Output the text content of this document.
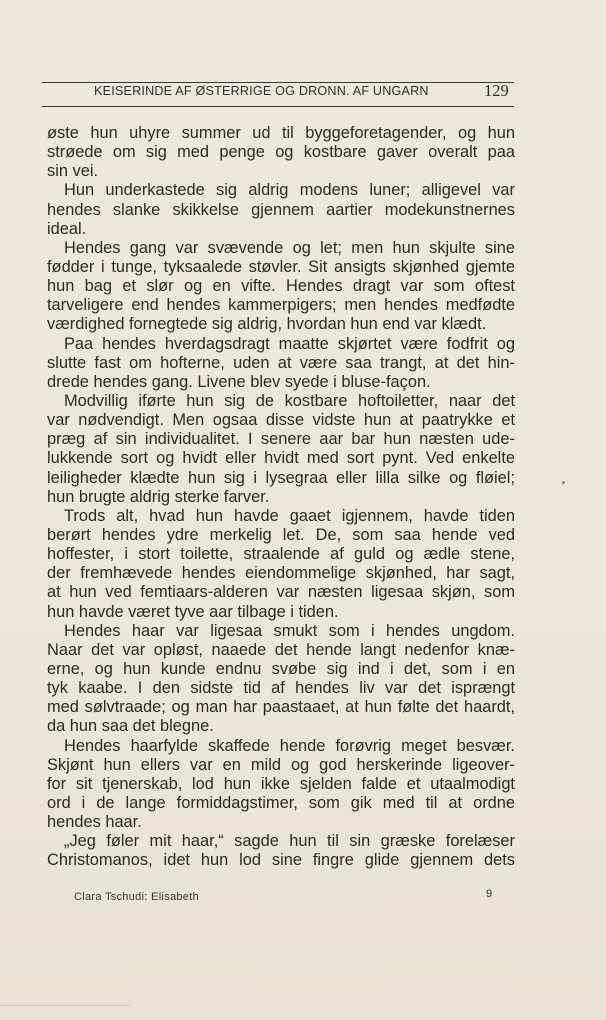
KEISERINDE AF ØSTERRIGE OG DRONN. AF UNGARN	129
øste hun uhyre summer ud til byggeforetagender, og hun
strøede om sig med penge og kostbare gaver overalt paa
sin vei.
Hun underkastede sig aldrig modens luner; alligevel var
hendes slanke skikkelse gjennem aartier modekunstnernes
ideal.
Hendes gang var svævende og let; men hun skjulte sine
fødder i tunge, tyksaalede støvler. Sit ansigts skjønhed gjemte
hun bag et slør og en vifte. Hendes dragt var som oftest
tarveligere end hendes kammerpigers; men hendes medfødte
værdighed fornegtede sig aldrig, hvordan hun end var klædt.
Paa hendes hverdagsdragt maatte skjørtet være fodfrit og
slutte fast om hofterne, uden at være saa trangt, at det hin-
drede hendes gang. Livene blev syede i bluse-façon.
Modvillig iførte hun sig de kostbare hoftoiletter, naar det
var nødvendigt. Men ogsaa disse vidste hun at paatrykke et
præg af sin individualitet. I senere aar bar hun næsten ude-
lukkende sort og hvidt eller hvidt med sort pynt. Ved enkelte
leiligheder klædte hun sig i lysegraa eller lilla silke og fløiel;
hun brugte aldrig sterke farver.
Trods alt, hvad hun havde gaaet igjennem, havde tiden
berørt hendes ydre merkelig let. De, som saa hende ved
hoffester, i stort toilette, straalende af guld og ædle stene,
der fremhævede hendes eiendommelige skjønhed, har sagt,
at hun ved femtiaars-alderen var næsten ligesaa skjøn, som
hun havde været tyve aar tilbage i tiden.
Hendes haar var ligesaa smukt som i hendes ungdom.
Naar det var opløst, naaede det hende langt nedenfor knæ-
erne, og hun kunde endnu svøbe sig ind i det, som i en
tyk kaabe. I den sidste tid af hendes liv var det isprængt
med sølvtraade; og man har paastaaet, at hun følte det haardt,
da hun saa det blegne.
Hendes haarfylde skaffede hende forøvrig meget besvær.
Skjønt hun ellers var en mild og god herskerinde ligeover-
for sit tjenerskab, lod hun ikke sjelden falde et utaalmodigt
ord i de lange formiddagstimer, som gik med til at ordne
hendes haar.
„Jeg føler mit haar,“ sagde hun til sin græske forelæser
Christomanos, idet hun lod sine fingre glide gjennem dets
Clara Tschudi: Elisabeth	9
